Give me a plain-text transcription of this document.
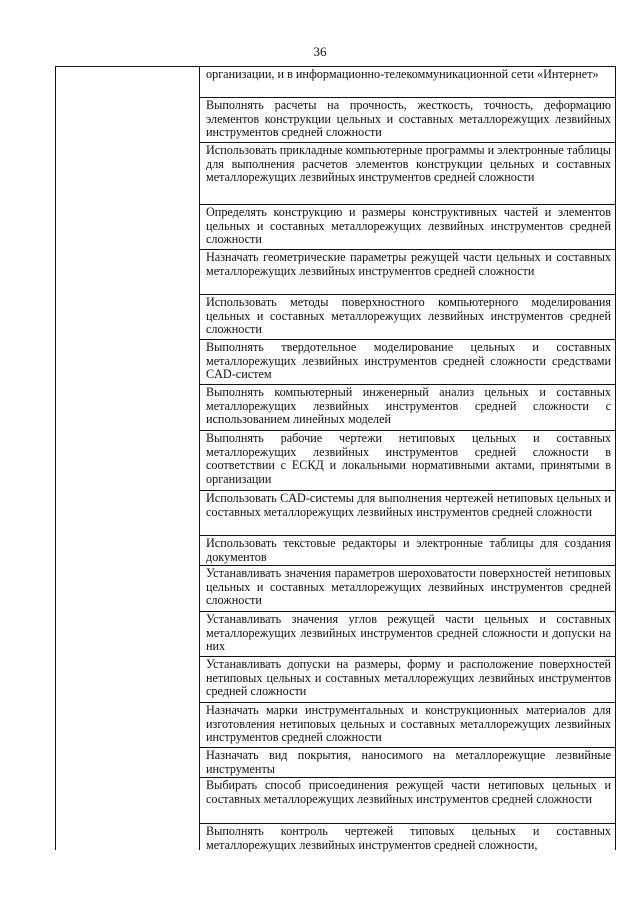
36
организации, и в информационно-телекоммуникационной сети «Интернет»
Выполнять расчеты на прочность, жесткость, точность, деформацию элементов конструкции цельных и составных металлорежущих лезвийных инструментов средней сложности
Использовать прикладные компьютерные программы и электронные таблицы для выполнения расчетов элементов конструкции цельных и составных металлорежущих лезвийных инструментов средней сложности
Определять конструкцию и размеры конструктивных частей и элементов цельных и составных металлорежущих лезвийных инструментов средней сложности
Назначать геометрические параметры режущей части цельных и составных металлорежущих лезвийных инструментов средней сложности
Использовать методы поверхностного компьютерного моделирования цельных и составных металлорежущих лезвийных инструментов средней сложности
Выполнять твердотельное моделирование цельных и составных металлорежущих лезвийных инструментов средней сложности средствами CAD-систем
Выполнять компьютерный инженерный анализ цельных и составных металлорежущих лезвийных инструментов средней сложности с использованием линейных моделей
Выполнять рабочие чертежи нетиповых цельных и составных металлорежущих лезвийных инструментов средней сложности в соответствии с ЕСКД и локальными нормативными актами, принятыми в организации
Использовать CAD-системы для выполнения чертежей нетиповых цельных и составных металлорежущих лезвийных инструментов средней сложности
Использовать текстовые редакторы и электронные таблицы для создания документов
Устанавливать значения параметров шероховатости поверхностей нетиповых цельных и составных металлорежущих лезвийных инструментов средней сложности
Устанавливать значения углов режущей части цельных и составных металлорежущих лезвийных инструментов средней сложности и допуски на них
Устанавливать допуски на размеры, форму и расположение поверхностей нетиповых цельных и составных металлорежущих лезвийных инструментов средней сложности
Назначать марки инструментальных и конструкционных материалов для изготовления нетиповых цельных и составных металлорежущих лезвийных инструментов средней сложности
Назначать вид покрытия, наносимого на металлорежущие лезвийные инструменты
Выбирать способ присоединения режущей части нетиповых цельных и составных металлорежущих лезвийных инструментов средней сложности
Выполнять контроль чертежей типовых цельных и составных металлорежущих лезвийных инструментов средней сложности,
